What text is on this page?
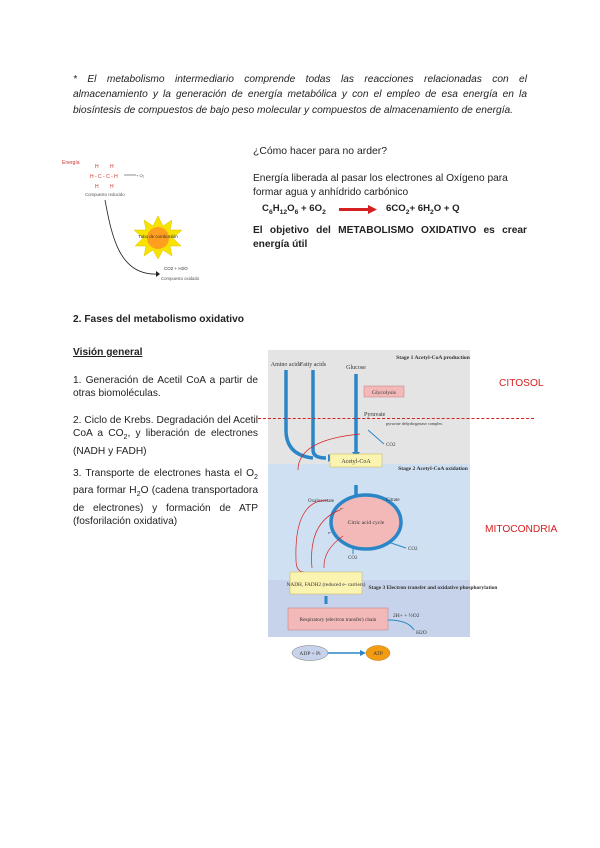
* El metabolismo intermediario comprende todas las reacciones relacionadas con el almacenamiento y la generación de energía metabólica y con el empleo de esa energía en la biosíntesis de compuestos de bajo peso molecular y compuestos de almacenamiento de energía.

Energía
H H
H - C - C - H
H H
+ O₂
Compuesto reducido
Tubo de combustión
CO2 + H2O
Compuesto oxidado

¿Cómo hacer para no arder?

Energía liberada al pasar los electrones al Oxígeno para formar agua y anhídrido carbónico

$C_6H_{12}O_6 + 6O_2$	$6CO_2+ 6H_2O + Q$

El objetivo del METABOLISMO OXIDATIVO es crear energía útil

2. Fases del metabolismo oxidativo

Visión general

1. Generación de Acetil CoA a partir de otras biomoléculas.

2. Ciclo de Krebs. Degradación del Acetil CoA a $CO_2$, y liberación de electrones (NADH y FADH)

3. Transporte de electrones hasta el $O_2$ para formar $H_2O$ (cadena transportadora de electrones) y formación de ATP (fosforilación oxidativa)

Amino acids
Fatty acids	Glucose
Stage 1 Acetyl-CoA production
Glycolysis
Pyruvate
pyruvate dehydrogenase complex
CO2
Acetyl-CoA
Stage 2 Acetyl-CoA oxidation
Citric acid cycle
Oxaloacetate	Citrate
CO2
CO2
e-
e-
NADH, FADH2 (reduced e- carriers) Stage 3 Electron transfer and oxidative phosphorylation
2H+ + ½O2
Respiratory (electron transfer) chain
H2O
ADP + Pi	ATP
CITOSOL
MITOCONDRIA
